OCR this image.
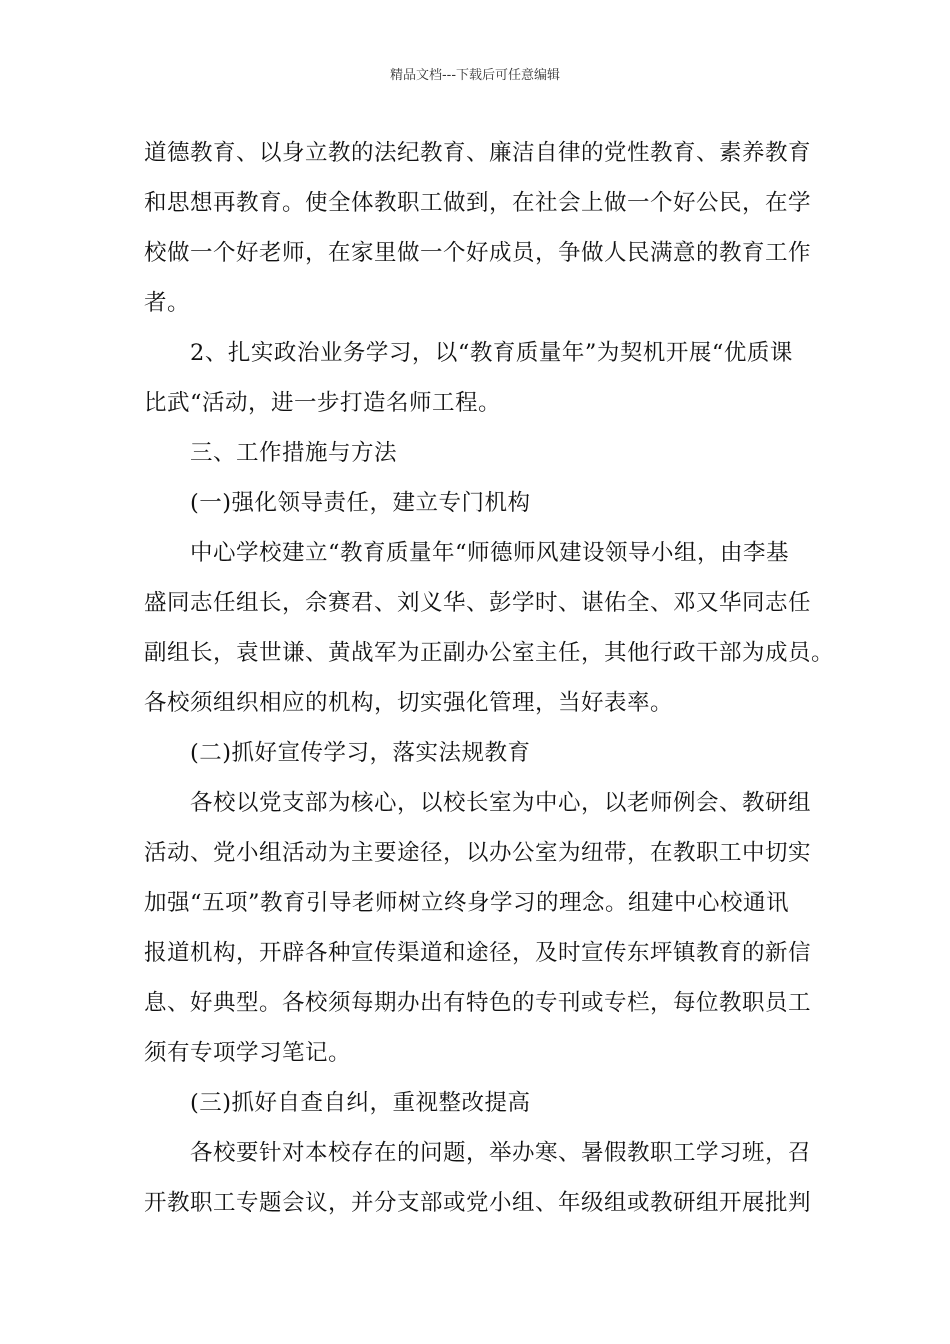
精品文档---下载后可任意编辑
道德教育、以身立教的法纪教育、廉洁自律的党性教育、素养教育
和思想再教育。使全体教职工做到，在社会上做一个好公民，在学
校做一个好老师，在家里做一个好成员，争做人民满意的教育工作
者。
2、扎实政治业务学习，以“教育质量年”为契机开展“优质课
比武“活动，进一步打造名师工程。
三、工作措施与方法
(一)强化领导责任，建立专门机构
中心学校建立“教育质量年“师德师风建设领导小组，由李基
盛同志任组长，佘赛君、刘义华、彭学时、谌佑全、邓又华同志任
副组长，袁世谦、黄战军为正副办公室主任，其他行政干部为成员。
各校须组织相应的机构，切实强化管理，当好表率。
(二)抓好宣传学习，落实法规教育
各校以党支部为核心，以校长室为中心，以老师例会、教研组
活动、党小组活动为主要途径，以办公室为纽带，在教职工中切实
加强“五项”教育引导老师树立终身学习的理念。组建中心校通讯
报道机构，开辟各种宣传渠道和途径，及时宣传东坪镇教育的新信
息、好典型。各校须每期办出有特色的专刊或专栏，每位教职员工
须有专项学习笔记。
(三)抓好自查自纠，重视整改提高
各校要针对本校存在的问题，举办寒、暑假教职工学习班，召
开教职工专题会议，并分支部或党小组、年级组或教研组开展批判
